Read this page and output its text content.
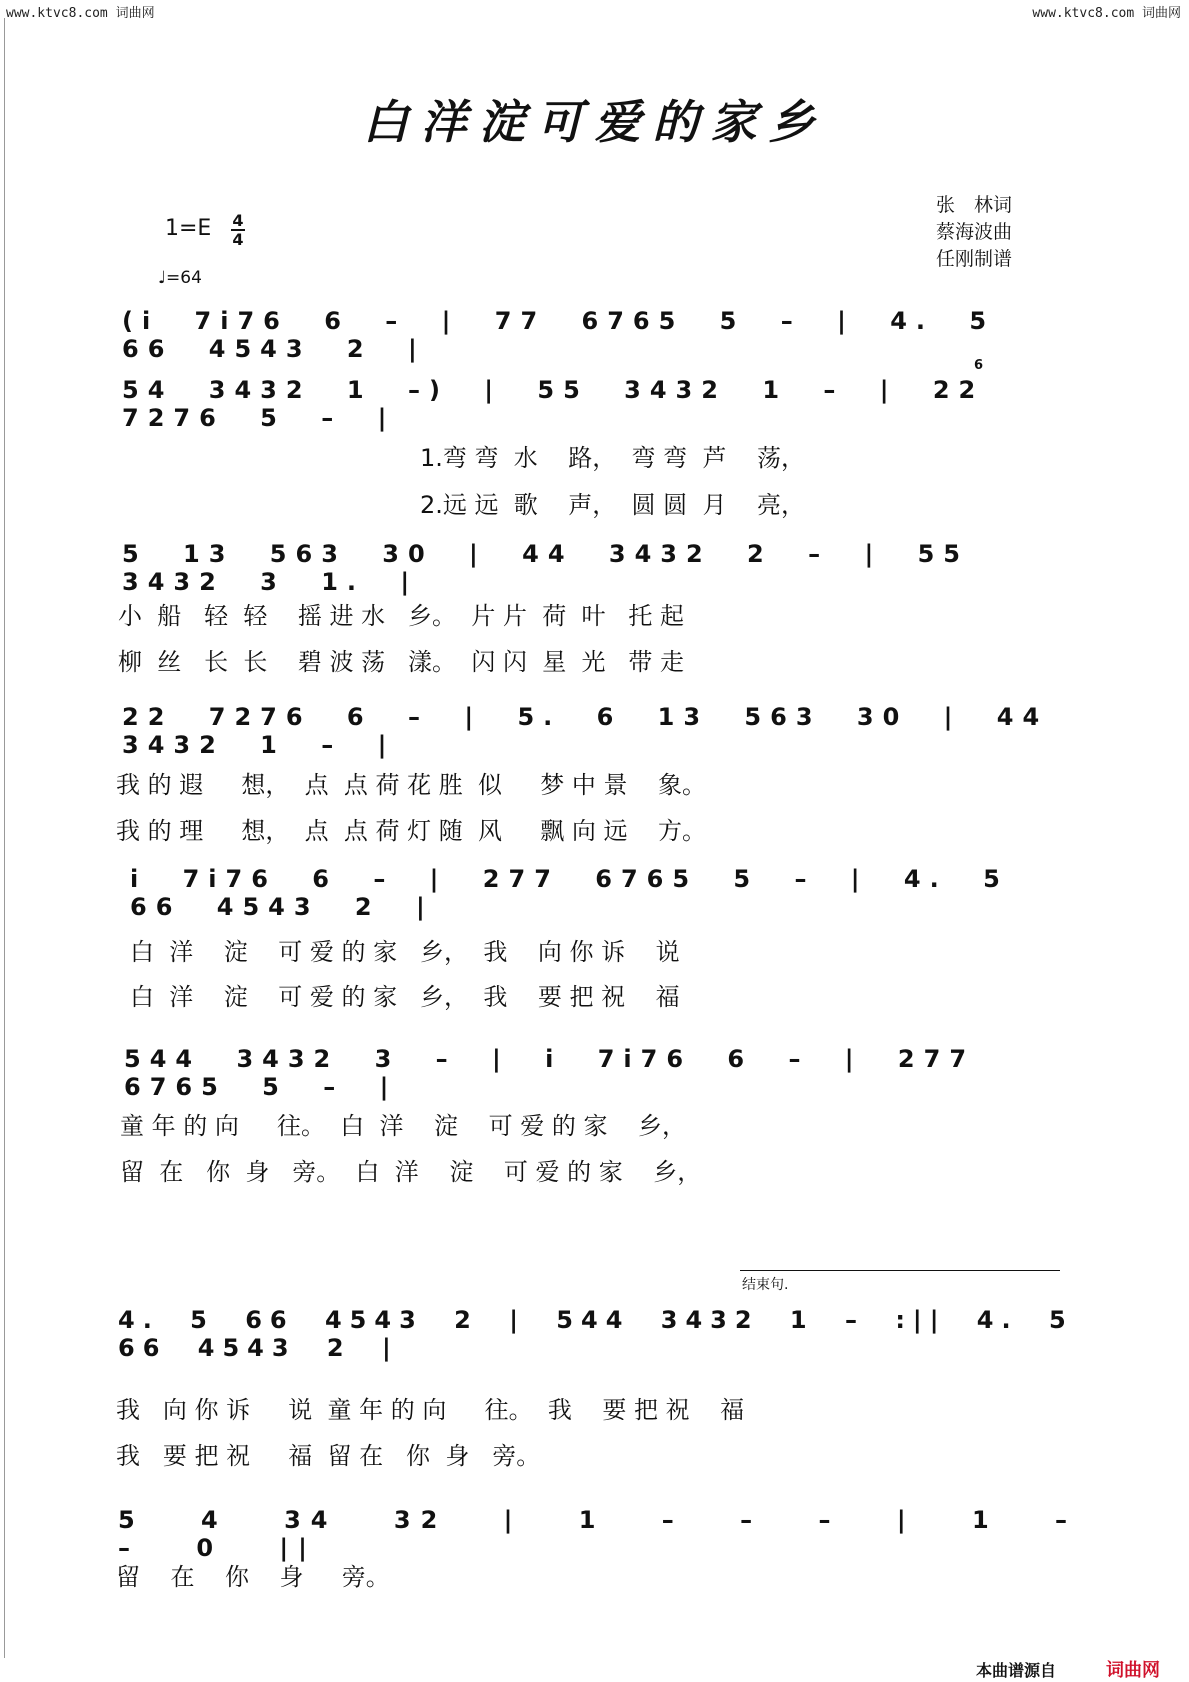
www.ktvc8.com 词曲网	www.ktvc8.com 词曲网
白洋淀可爱的家乡
1=E 4
4
♩=64
张　林词
蔡海波曲
任刚制谱
(i 7i76 6 – | 77 6765 5 – | 4. 5 66 4543 2 |
54 3432 1 –) | 55 3432 1 – | 22 7276 5 – |
6
1.弯 弯  水    路，  弯 弯  芦    荡，
2.远 远  歌    声，  圆 圆  月    亮，
5 13 563 30 | 44 3432 2 – | 55 3432 3 1. |
小  船   轻  轻    摇 进 水   乡。  片 片  荷  叶   托 起
柳  丝   长  长    碧 波 荡   漾。  闪 闪  星  光   带 走
22 7276 6 – | 5. 6 13 563 30 | 44 3432 1 – |
我 的 遐     想，  点  点 荷 花 胜  似     梦 中 景    象。
我 的 理     想，  点  点 荷 灯 随  风     飘 向 远    方。
i 7i76 6 – | 277 6765 5 – | 4. 5 66 4543 2 |
白  洋    淀    可 爱 的 家   乡，  我    向 你 诉    说
白  洋    淀    可 爱 的 家   乡，  我    要 把 祝    福
544 3432 3 – | i 7i76 6 – | 277 6765 5 – |
童 年 的 向     往。  白  洋    淀    可 爱 的 家    乡，
留  在   你  身   旁。  白  洋    淀    可 爱 的 家    乡，
结束句.
4. 5 66 4543 2 | 544 3432 1 – :|| 4. 5 66 4543 2 |
我   向 你 诉     说  童 年 的 向     往。  我    要 把 祝    福
我   要 把 祝     福  留 在   你  身   旁。
5 4 34 32 | 1 – – – | 1 – – 0 ||
留    在    你    身     旁。
本曲谱源自	词曲网
